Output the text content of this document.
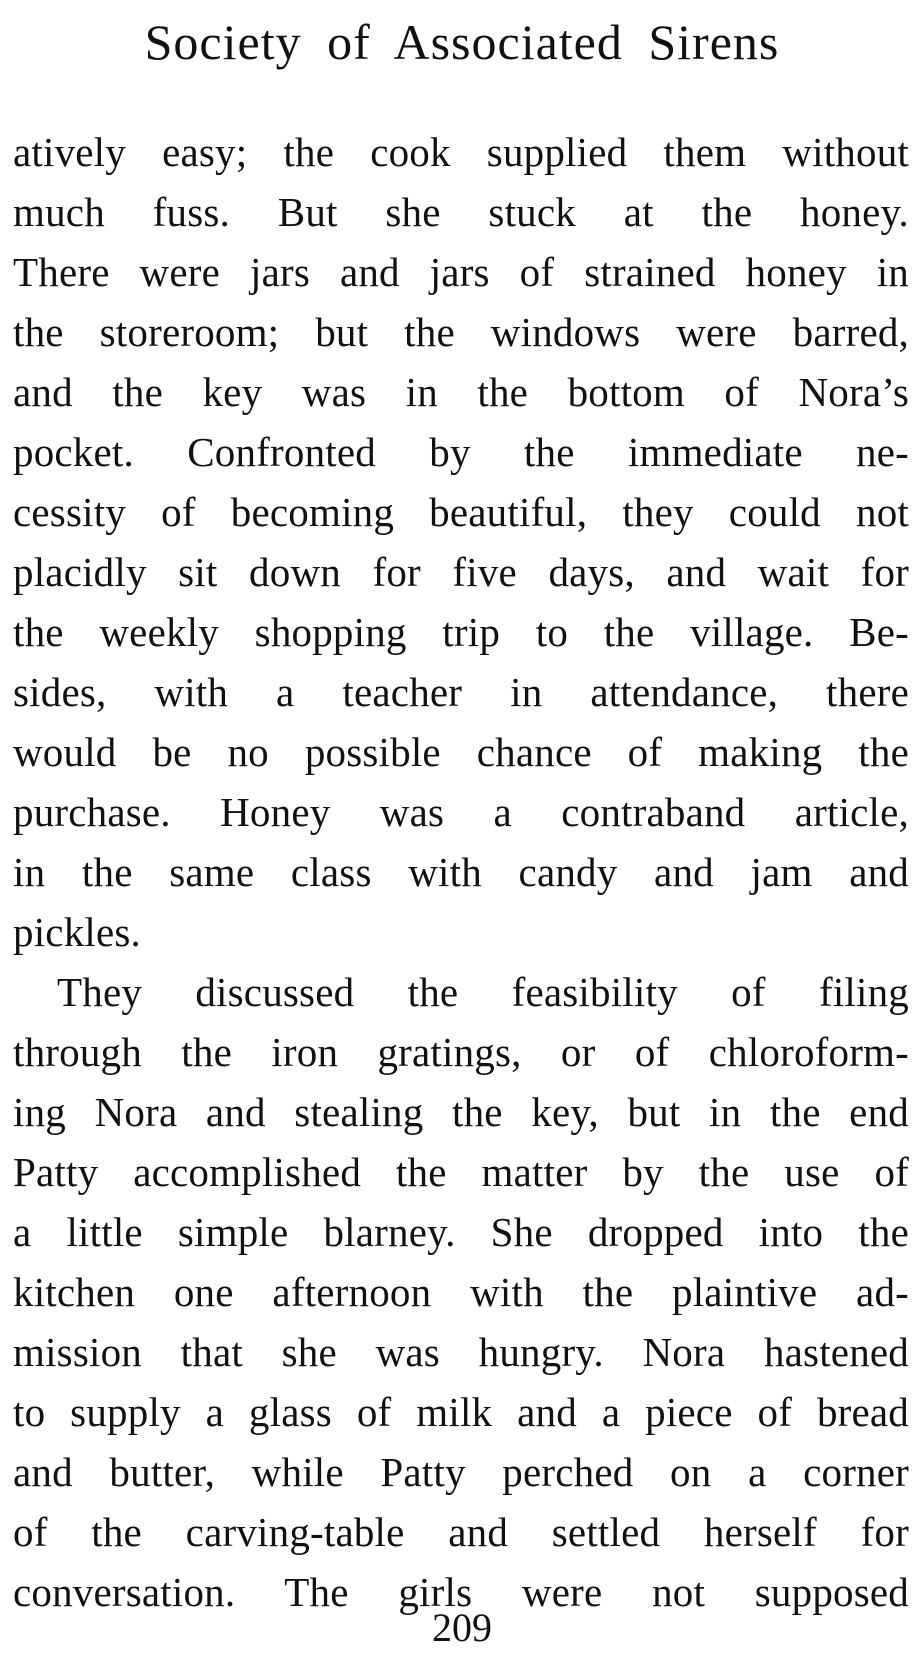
Society of Associated Sirens
atively easy; the cook supplied them without
much fuss. But she stuck at the honey.
There were jars and jars of strained honey in
the storeroom; but the windows were barred,
and the key was in the bottom of Nora’s
pocket. Confronted by the immediate ne-
cessity of becoming beautiful, they could not
placidly sit down for five days, and wait for
the weekly shopping trip to the village. Be-
sides, with a teacher in attendance, there
would be no possible chance of making the
purchase. Honey was a contraband article,
in the same class with candy and jam and
pickles.
They discussed the feasibility of filing
through the iron gratings, or of chloroform-
ing Nora and stealing the key, but in the end
Patty accomplished the matter by the use of
a little simple blarney. She dropped into the
kitchen one afternoon with the plaintive ad-
mission that she was hungry. Nora hastened
to supply a glass of milk and a piece of bread
and butter, while Patty perched on a corner
of the carving-table and settled herself for
conversation. The girls were not supposed
209
